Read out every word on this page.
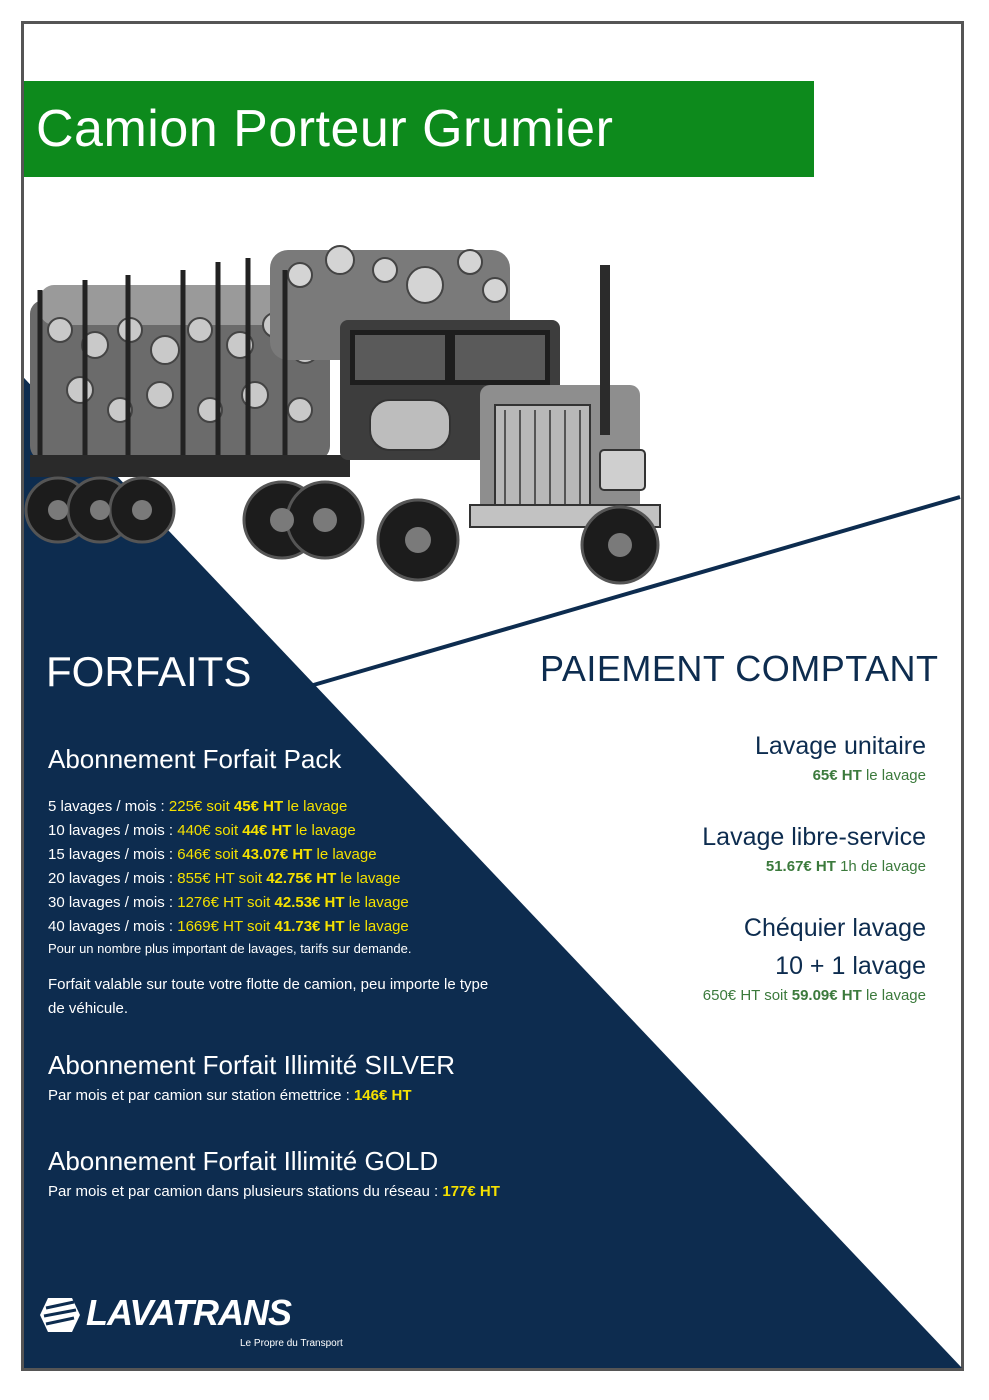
Camion Porteur Grumier
FORFAITS
Abonnement Forfait Pack
5 lavages / mois : 225€ soit 45€ HT le lavage
10 lavages / mois : 440€ soit 44€ HT le lavage
15 lavages / mois : 646€ soit 43.07€ HT le lavage
20 lavages / mois : 855€ HT soit 42.75€ HT le lavage
30 lavages / mois : 1276€ HT soit 42.53€ HT le lavage
40 lavages / mois : 1669€ HT soit 41.73€ HT le lavage
Pour un nombre plus important de lavages, tarifs sur demande.
Forfait valable sur toute votre flotte de camion, peu importe le type
de véhicule.
Abonnement Forfait Illimité SILVER
Par mois et par camion sur station émettrice : 146€ HT
Abonnement Forfait Illimité GOLD
Par mois et par camion dans plusieurs stations du réseau : 177€ HT
PAIEMENT COMPTANT
Lavage unitaire
65€ HT le lavage
Lavage libre-service
51.67€ HT 1h de lavage
Chéquier lavage
10 + 1 lavage
650€ HT soit 59.09€ HT le lavage
LAVATRANS
Le Propre du Transport
